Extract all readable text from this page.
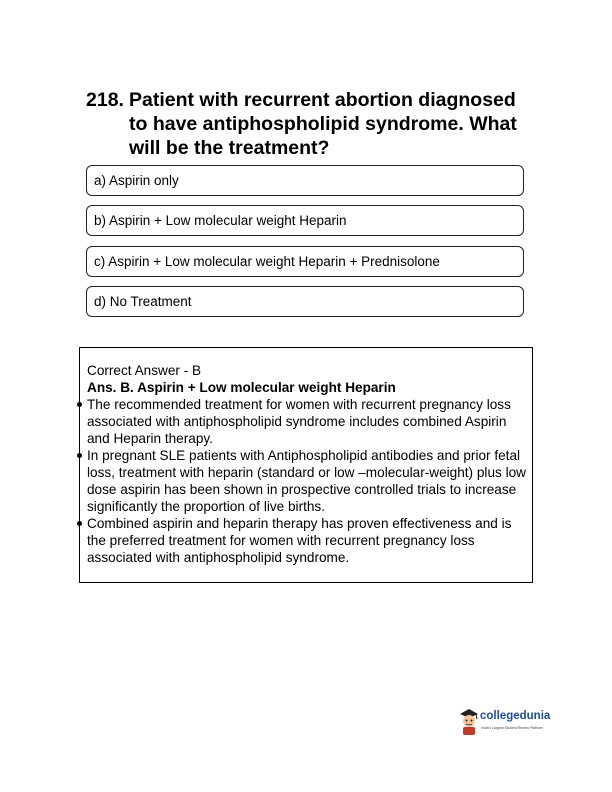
218. Patient with recurrent abortion diagnosed to have antiphospholipid syndrome. What will be the treatment?
a) Aspirin only
b) Aspirin + Low molecular weight Heparin
c) Aspirin + Low molecular weight Heparin + Prednisolone
d) No Treatment
Correct Answer - B
Ans. B. Aspirin + Low molecular weight Heparin
The recommended treatment for women with recurrent pregnancy loss associated with antiphospholipid syndrome includes combined Aspirin and Heparin therapy.
In pregnant SLE patients with Antiphospholipid antibodies and prior fetal loss, treatment with heparin (standard or low –molecular-weight) plus low dose aspirin has been shown in prospective controlled trials to increase significantly the proportion of live births.
Combined aspirin and heparin therapy has proven effectiveness and is the preferred treatment for women with recurrent pregnancy loss associated with antiphospholipid syndrome.
collegedunia
India's Largest Student Review Platform
